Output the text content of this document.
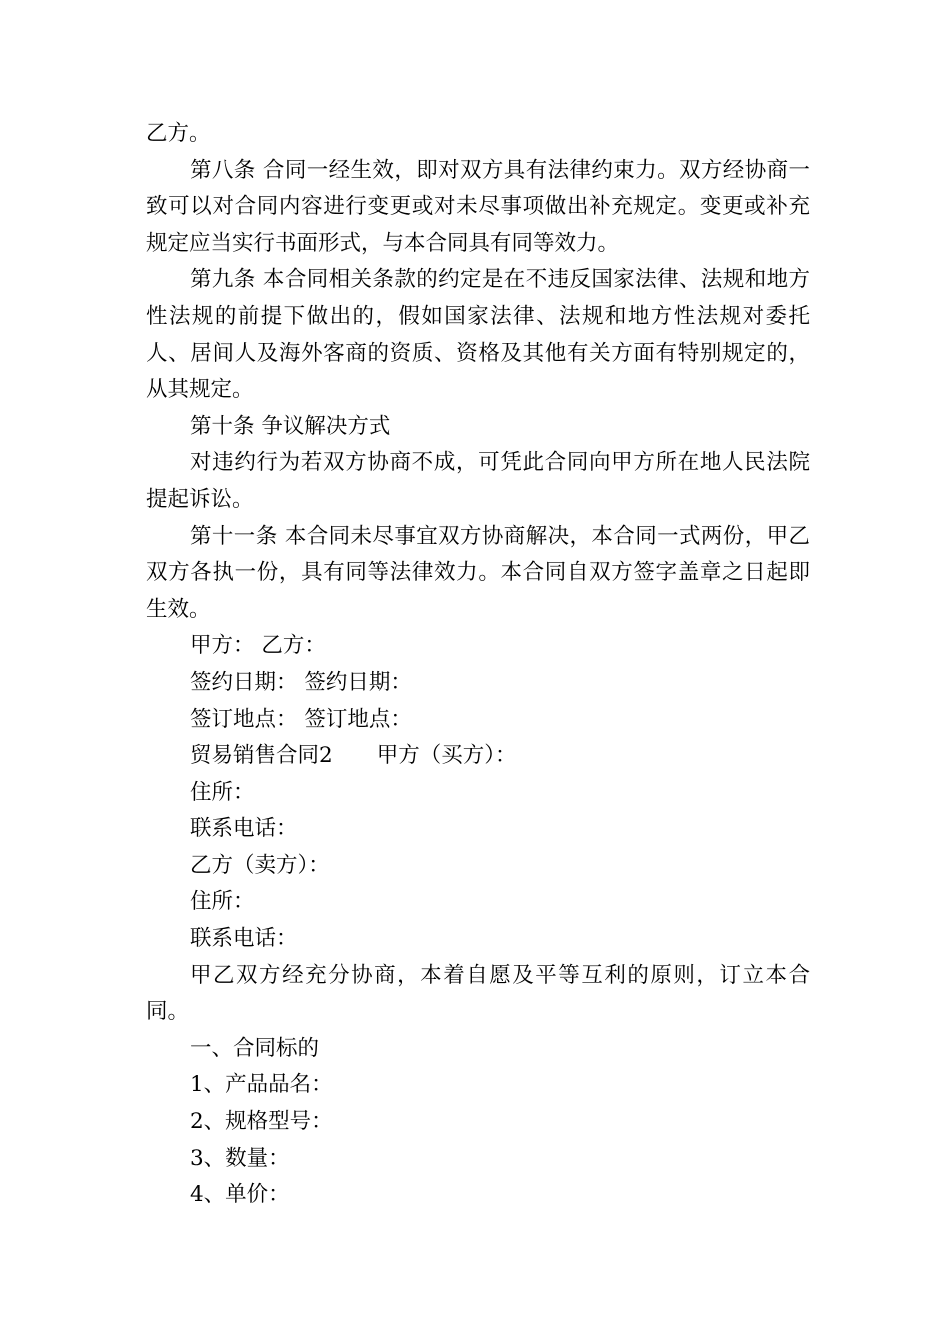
乙方。

第八条 合同一经生效，即对双方具有法律约束力。双方经协商一致可以对合同内容进行变更或对未尽事项做出补充规定。变更或补充规定应当实行书面形式，与本合同具有同等效力。

第九条 本合同相关条款的约定是在不违反国家法律、法规和地方性法规的前提下做出的，假如国家法律、法规和地方性法规对委托人、居间人及海外客商的资质、资格及其他有关方面有特别规定的，从其规定。

第十条 争议解决方式

对违约行为若双方协商不成，可凭此合同向甲方所在地人民法院提起诉讼。

第十一条 本合同未尽事宜双方协商解决，本合同一式两份，甲乙双方各执一份，具有同等法律效力。本合同自双方签字盖章之日起即生效。

甲方： 乙方：

签约日期： 签约日期：

签订地点： 签订地点：

贸易销售合同2 甲方（买方）：

住所：

联系电话：

乙方（卖方）：

住所：

联系电话：

甲乙双方经充分协商，本着自愿及平等互利的原则，订立本合同。

一、合同标的

1、产品品名：

2、规格型号：

3、数量：

4、单价：
